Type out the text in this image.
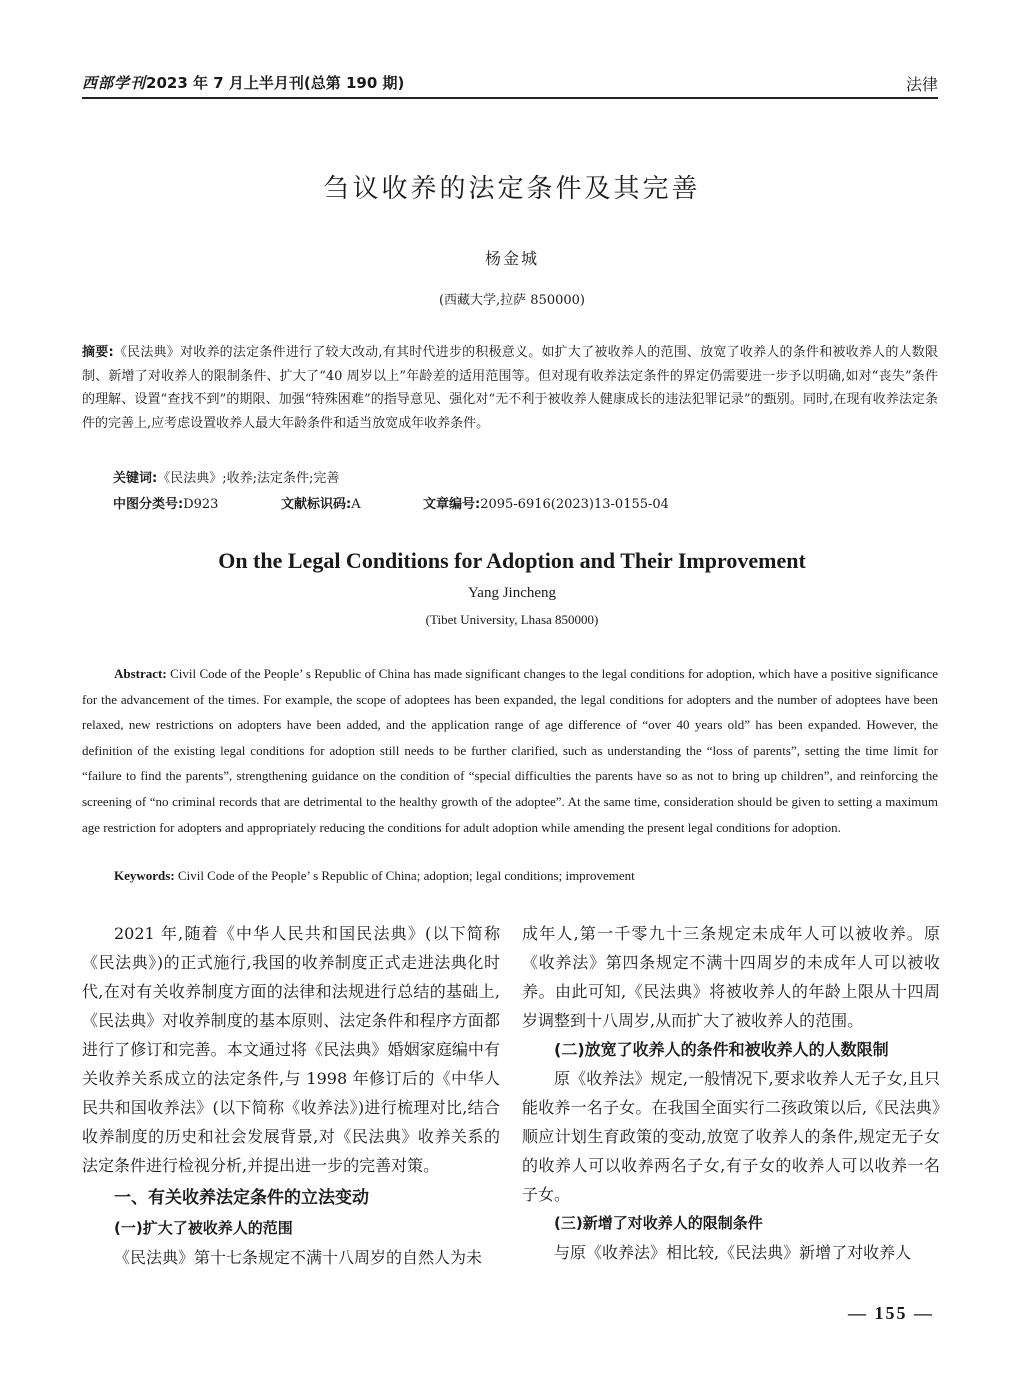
西部学刊2023 年 7 月上半月刊(总第 190 期)	法律
刍议收养的法定条件及其完善
杨金城
(西藏大学,拉萨 850000)
摘要:《民法典》对收养的法定条件进行了较大改动,有其时代进步的积极意义。如扩大了被收养人的范围、放宽了收养人的条件和被收养人的人数限制、新增了对收养人的限制条件、扩大了“40 周岁以上”年龄差的适用范围等。但对现有收养法定条件的界定仍需要进一步予以明确,如对“丧失”条件的理解、设置“查找不到”的期限、加强“特殊困难”的指导意见、强化对“无不利于被收养人健康成长的违法犯罪记录”的甄别。同时,在现有收养法定条件的完善上,应考虑设置收养人最大年龄条件和适当放宽成年收养条件。
关键词:《民法典》;收养;法定条件;完善
中图分类号:D923	文献标识码:A	文章编号:2095-6916(2023)13-0155-04
On the Legal Conditions for Adoption and Their Improvement
Yang Jincheng
(Tibet University, Lhasa 850000)
Abstract: Civil Code of the People’ s Republic of China has made significant changes to the legal conditions for adoption, which have a positive significance for the advancement of the times. For example, the scope of adoptees has been expanded, the legal conditions for adopters and the number of adoptees have been relaxed, new restrictions on adopters have been added, and the application range of age difference of “over 40 years old” has been expanded. However, the definition of the existing legal conditions for adoption still needs to be further clarified, such as understanding the “loss of parents”, setting the time limit for “failure to find the parents”, strengthening guidance on the condition of “special difficulties the parents have so as not to bring up children”, and reinforcing the screening of “no criminal records that are detrimental to the healthy growth of the adoptee”. At the same time, consideration should be given to setting a maximum age restriction for adopters and appropriately reducing the conditions for adult adoption while amending the present legal conditions for adoption.
Keywords: Civil Code of the People’ s Republic of China; adoption; legal conditions; improvement

2021 年,随着《中华人民共和国民法典》(以下简称《民法典》)的正式施行,我国的收养制度正式走进法典化时代,在对有关收养制度方面的法律和法规进行总结的基础上,《民法典》对收养制度的基本原则、法定条件和程序方面都进行了修订和完善。本文通过将《民法典》婚姻家庭编中有关收养关系成立的法定条件,与 1998 年修订后的《中华人民共和国收养法》(以下简称《收养法》)进行梳理对比,结合收养制度的历史和社会发展背景,对《民法典》收养关系的法定条件进行检视分析,并提出进一步的完善对策。

一、有关收养法定条件的立法变动
(一)扩大了被收养人的范围

《民法典》第十七条规定不满十八周岁的自然人为未

成年人,第一千零九十三条规定未成年人可以被收养。原《收养法》第四条规定不满十四周岁的未成年人可以被收养。由此可知,《民法典》将被收养人的年龄上限从十四周岁调整到十八周岁,从而扩大了被收养人的范围。

(二)放宽了收养人的条件和被收养人的人数限制

原《收养法》规定,一般情况下,要求收养人无子女,且只能收养一名子女。在我国全面实行二孩政策以后,《民法典》顺应计划生育政策的变动,放宽了收养人的条件,规定无子女的收养人可以收养两名子女,有子女的收养人可以收养一名子女。

(三)新增了对收养人的限制条件

与原《收养法》相比较,《民法典》新增了对收养人

— 155 —
